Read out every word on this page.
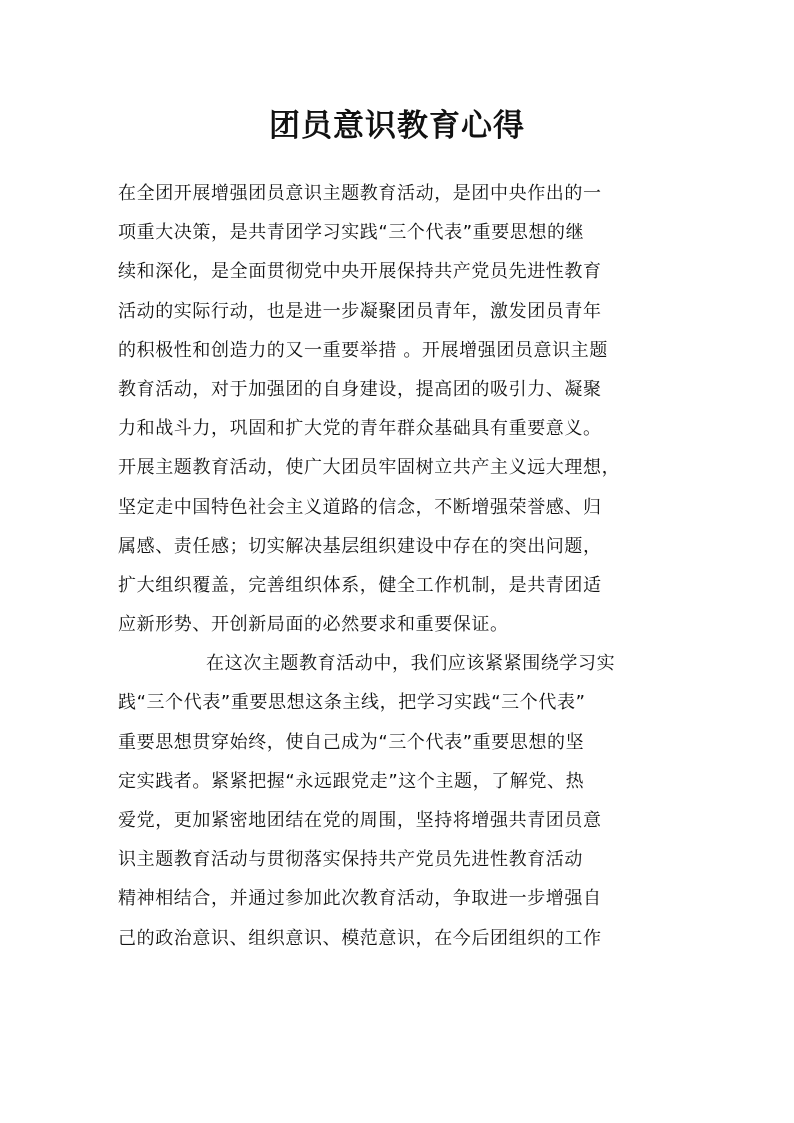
团员意识教育心得
在全团开展增强团员意识主题教育活动，是团中央作出的一
项重大决策，是共青团学习实践“三个代表”重要思想的继
续和深化，是全面贯彻党中央开展保持共产党员先进性教育
活动的实际行动，也是进一步凝聚团员青年，激发团员青年
的积极性和创造力的又一重要举措 。开展增强团员意识主题
教育活动，对于加强团的自身建设，提高团的吸引力、凝聚
力和战斗力，巩固和扩大党的青年群众基础具有重要意义。
开展主题教育活动，使广大团员牢固树立共产主义远大理想，
坚定走中国特色社会主义道路的信念，不断增强荣誉感、归
属感、责任感；切实解决基层组织建设中存在的突出问题，
扩大组织覆盖，完善组织体系，健全工作机制，是共青团适
应新形势、开创新局面的必然要求和重要保证。
在这次主题教育活动中，我们应该紧紧围绕学习实
践“三个代表”重要思想这条主线，把学习实践“三个代表”
重要思想贯穿始终，使自己成为“三个代表”重要思想的坚
定实践者。紧紧把握“永远跟党走”这个主题，了解党、热
爱党，更加紧密地团结在党的周围，坚持将增强共青团员意
识主题教育活动与贯彻落实保持共产党员先进性教育活动
精神相结合，并通过参加此次教育活动，争取进一步增强自
己的政治意识、组织意识、模范意识，在今后团组织的工作
